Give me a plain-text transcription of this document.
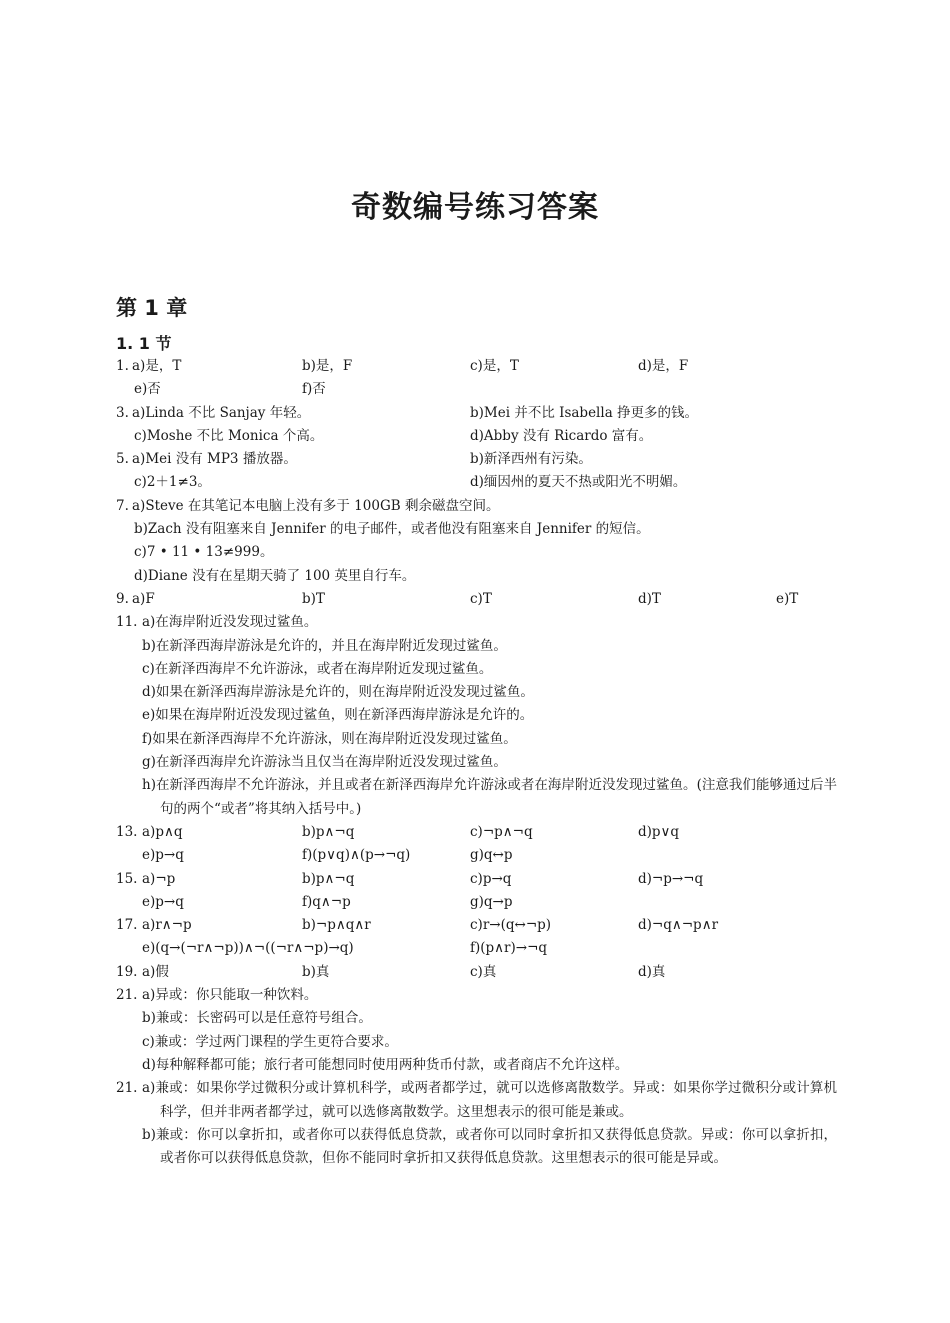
奇数编号练习答案
第 1 章
1. 1 节
1. a)是，T	b)是，F	c)是，T	d)是，F
e)否	f)否
3. a)Linda 不比 Sanjay 年轻。	b)Mei 并不比 Isabella 挣更多的钱。
c)Moshe 不比 Monica 个高。	d)Abby 没有 Ricardo 富有。
5. a)Mei 没有 MP3 播放器。	b)新泽西州有污染。
c)2＋1≠3。	d)缅因州的夏天不热或阳光不明媚。
7. a)Steve 在其笔记本电脑上没有多于 100GB 剩余磁盘空间。
b)Zach 没有阻塞来自 Jennifer 的电子邮件，或者他没有阻塞来自 Jennifer 的短信。
c)7 • 11 • 13≠999。
d)Diane 没有在星期天骑了 100 英里自行车。
9. a)F	b)T	c)T	d)T	e)T
11. a)在海岸附近没发现过鲨鱼。
b)在新泽西海岸游泳是允许的，并且在海岸附近发现过鲨鱼。
c)在新泽西海岸不允许游泳，或者在海岸附近发现过鲨鱼。
d)如果在新泽西海岸游泳是允许的，则在海岸附近没发现过鲨鱼。
e)如果在海岸附近没发现过鲨鱼，则在新泽西海岸游泳是允许的。
f)如果在新泽西海岸不允许游泳，则在海岸附近没发现过鲨鱼。
g)在新泽西海岸允许游泳当且仅当在海岸附近没发现过鲨鱼。
h)在新泽西海岸不允许游泳，并且或者在新泽西海岸允许游泳或者在海岸附近没发现过鲨鱼。(注意我们能够通过后半句的两个“或者”将其纳入括号中。)
13. a)p∧q	b)p∧¬q	c)¬p∧¬q	d)p∨q
e)p→q	f)(p∨q)∧(p→¬q)	g)q↔p
15. a)¬p	b)p∧¬q	c)p→q	d)¬p→¬q
e)p→q	f)q∧¬p	g)q→p
17. a)r∧¬p	b)¬p∧q∧r	c)r→(q↔¬p)	d)¬q∧¬p∧r
e)(q→(¬r∧¬p))∧¬((¬r∧¬p)→q)	f)(p∧r)→¬q
19. a)假	b)真	c)真	d)真
21. a)异或：你只能取一种饮料。
b)兼或：长密码可以是任意符号组合。
c)兼或：学过两门课程的学生更符合要求。
d)每种解释都可能；旅行者可能想同时使用两种货币付款，或者商店不允许这样。
21. a)兼或：如果你学过微积分或计算机科学，或两者都学过，就可以选修离散数学。异或：如果你学过微积分或计算机科学，但并非两者都学过，就可以选修离散数学。这里想表示的很可能是兼或。
b)兼或：你可以拿折扣，或者你可以获得低息贷款，或者你可以同时拿折扣又获得低息贷款。异或：你可以拿折扣，或者你可以获得低息贷款，但你不能同时拿折扣又获得低息贷款。这里想表示的很可能是异或。
